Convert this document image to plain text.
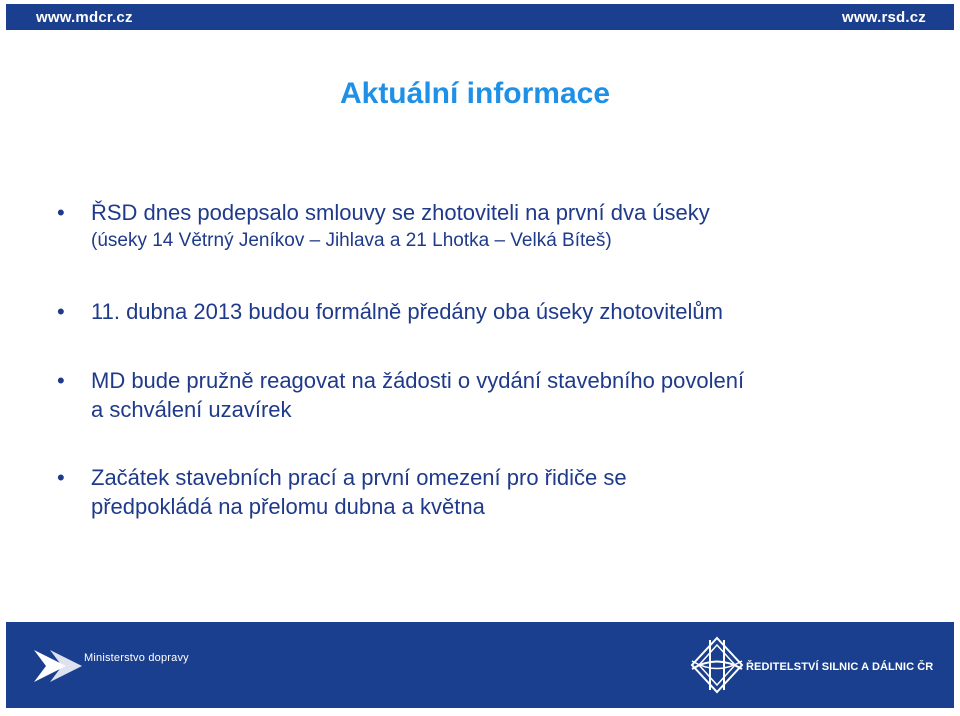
www.mdcr.cz	www.rsd.cz
Aktuální informace
• ŘSD dnes podepsalo smlouvy se zhotoviteli na první dva úseky
(úseky 14 Větrný Jeníkov – Jihlava a 21 Lhotka – Velká Bíteš)
• 11. dubna 2013 budou formálně předány oba úseky zhotovitelům
• MD bude pružně reagovat na žádosti o vydání stavebního povolení
a schválení uzavírek
• Začátek stavebních prací a první omezení pro řidiče se
předpokládá na přelomu dubna a května
Ministerstvo dopravy
ŘEDITELSTVÍ SILNIC A DÁLNIC ČR
